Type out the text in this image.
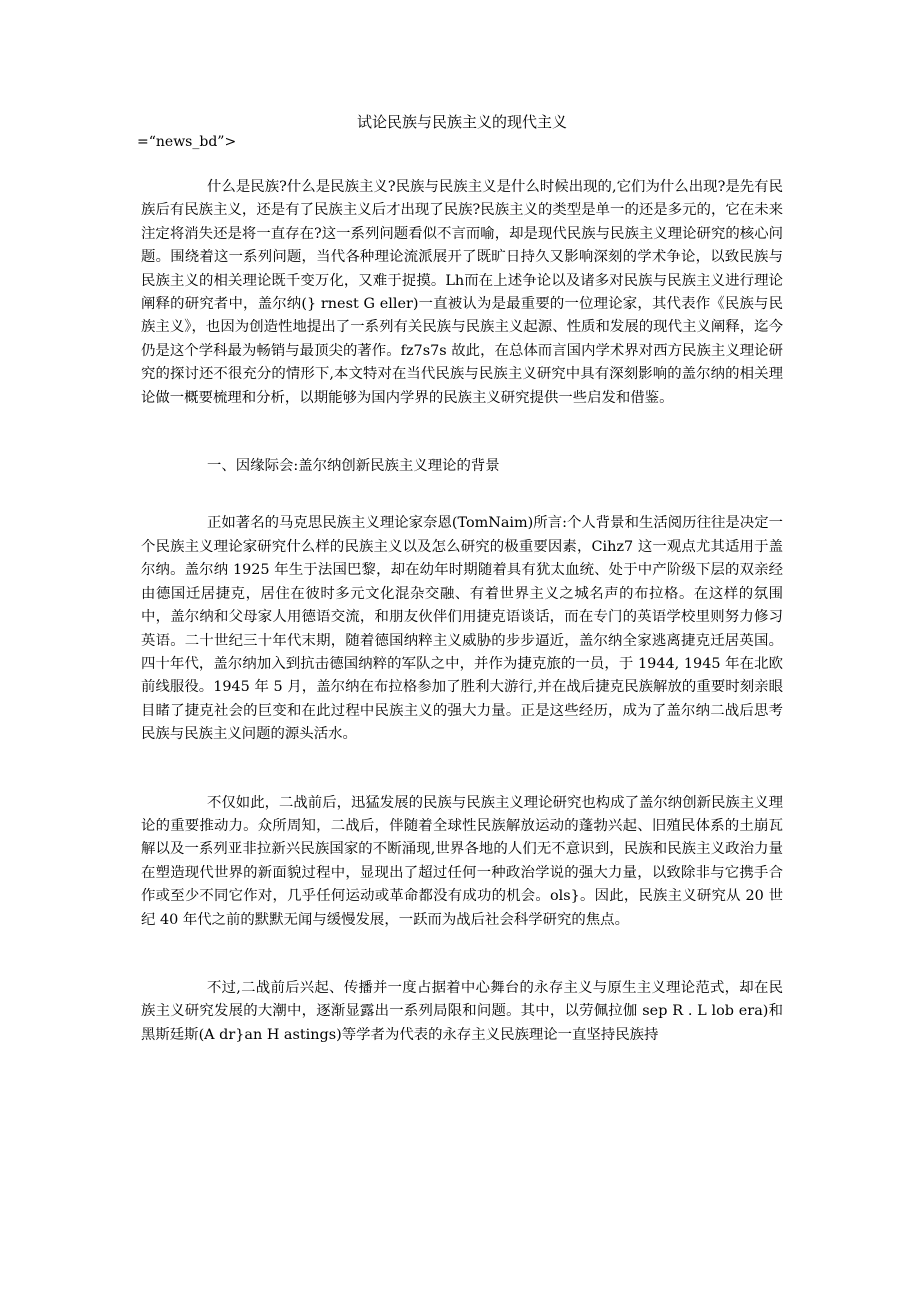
试论民族与民族主义的现代主义

=“news_bd”>

什么是民族?什么是民族主义?民族与民族主义是什么时候出现的,它们为什么出现?是先有民族后有民族主义，还是有了民族主义后才出现了民族?民族主义的类型是单一的还是多元的，它在未来注定将消失还是将一直存在?这一系列问题看似不言而喻，却是现代民族与民族主义理论研究的核心问题。围绕着这一系列问题，当代各种理论流派展开了既旷日持久又影响深刻的学术争论，以致民族与民族主义的相关理论既千变万化，又难于捉摸。Lh而在上述争论以及诸多对民族与民族主义进行理论阐释的研究者中，盖尔纳(} rnest G eller)一直被认为是最重要的一位理论家，其代表作《民族与民族主义》，也因为创造性地提出了一系列有关民族与民族主义起源、性质和发展的现代主义阐释，迄今仍是这个学科最为畅销与最顶尖的著作。fz7s7s 故此，在总体而言国内学术界对西方民族主义理论研究的探讨还不很充分的情形下,本文特对在当代民族与民族主义研究中具有深刻影响的盖尔纳的相关理论做一概要梳理和分析，以期能够为国内学界的民族主义研究提供一些启发和借鉴。

一、因缘际会:盖尔纳创新民族主义理论的背景

正如著名的马克思民族主义理论家奈恩(TomNaim)所言:个人背景和生活阅历往往是决定一个民族主义理论家研究什么样的民族主义以及怎么研究的极重要因素，Cihz7 这一观点尤其适用于盖尔纳。盖尔纳 1925 年生于法国巴黎，却在幼年时期随着具有犹太血统、处于中产阶级下层的双亲经由德国迁居捷克，居住在彼时多元文化混杂交融、有着世界主义之城名声的布拉格。在这样的氛围中，盖尔纳和父母家人用德语交流，和朋友伙伴们用捷克语谈话，而在专门的英语学校里则努力修习英语。二十世纪三十年代末期，随着德国纳粹主义威胁的步步逼近，盖尔纳全家逃离捷克迁居英国。四十年代，盖尔纳加入到抗击德国纳粹的军队之中，并作为捷克旅的一员，于 1944, 1945 年在北欧前线服役。1945 年 5 月，盖尔纳在布拉格参加了胜利大游行,并在战后捷克民族解放的重要时刻亲眼目睹了捷克社会的巨变和在此过程中民族主义的强大力量。正是这些经历，成为了盖尔纳二战后思考民族与民族主义问题的源头活水。

不仅如此，二战前后，迅猛发展的民族与民族主义理论研究也构成了盖尔纳创新民族主义理论的重要推动力。众所周知，二战后，伴随着全球性民族解放运动的蓬勃兴起、旧殖民体系的土崩瓦解以及一系列亚非拉新兴民族国家的不断涌现,世界各地的人们无不意识到，民族和民族主义政治力量在塑造现代世界的新面貌过程中，显现出了超过任何一种政治学说的强大力量，以致除非与它携手合作或至少不同它作对，几乎任何运动或革命都没有成功的机会。ols}。因此，民族主义研究从 20 世纪 40 年代之前的默默无闻与缓慢发展，一跃而为战后社会科学研究的焦点。

不过,二战前后兴起、传播并一度占据着中心舞台的永存主义与原生主义理论范式，却在民族主义研究发展的大潮中，逐渐显露出一系列局限和问题。其中，以劳佩拉伽 sep R . L lob era)和黑斯廷斯(A dr}an H astings)等学者为代表的永存主义民族理论一直坚持民族持
